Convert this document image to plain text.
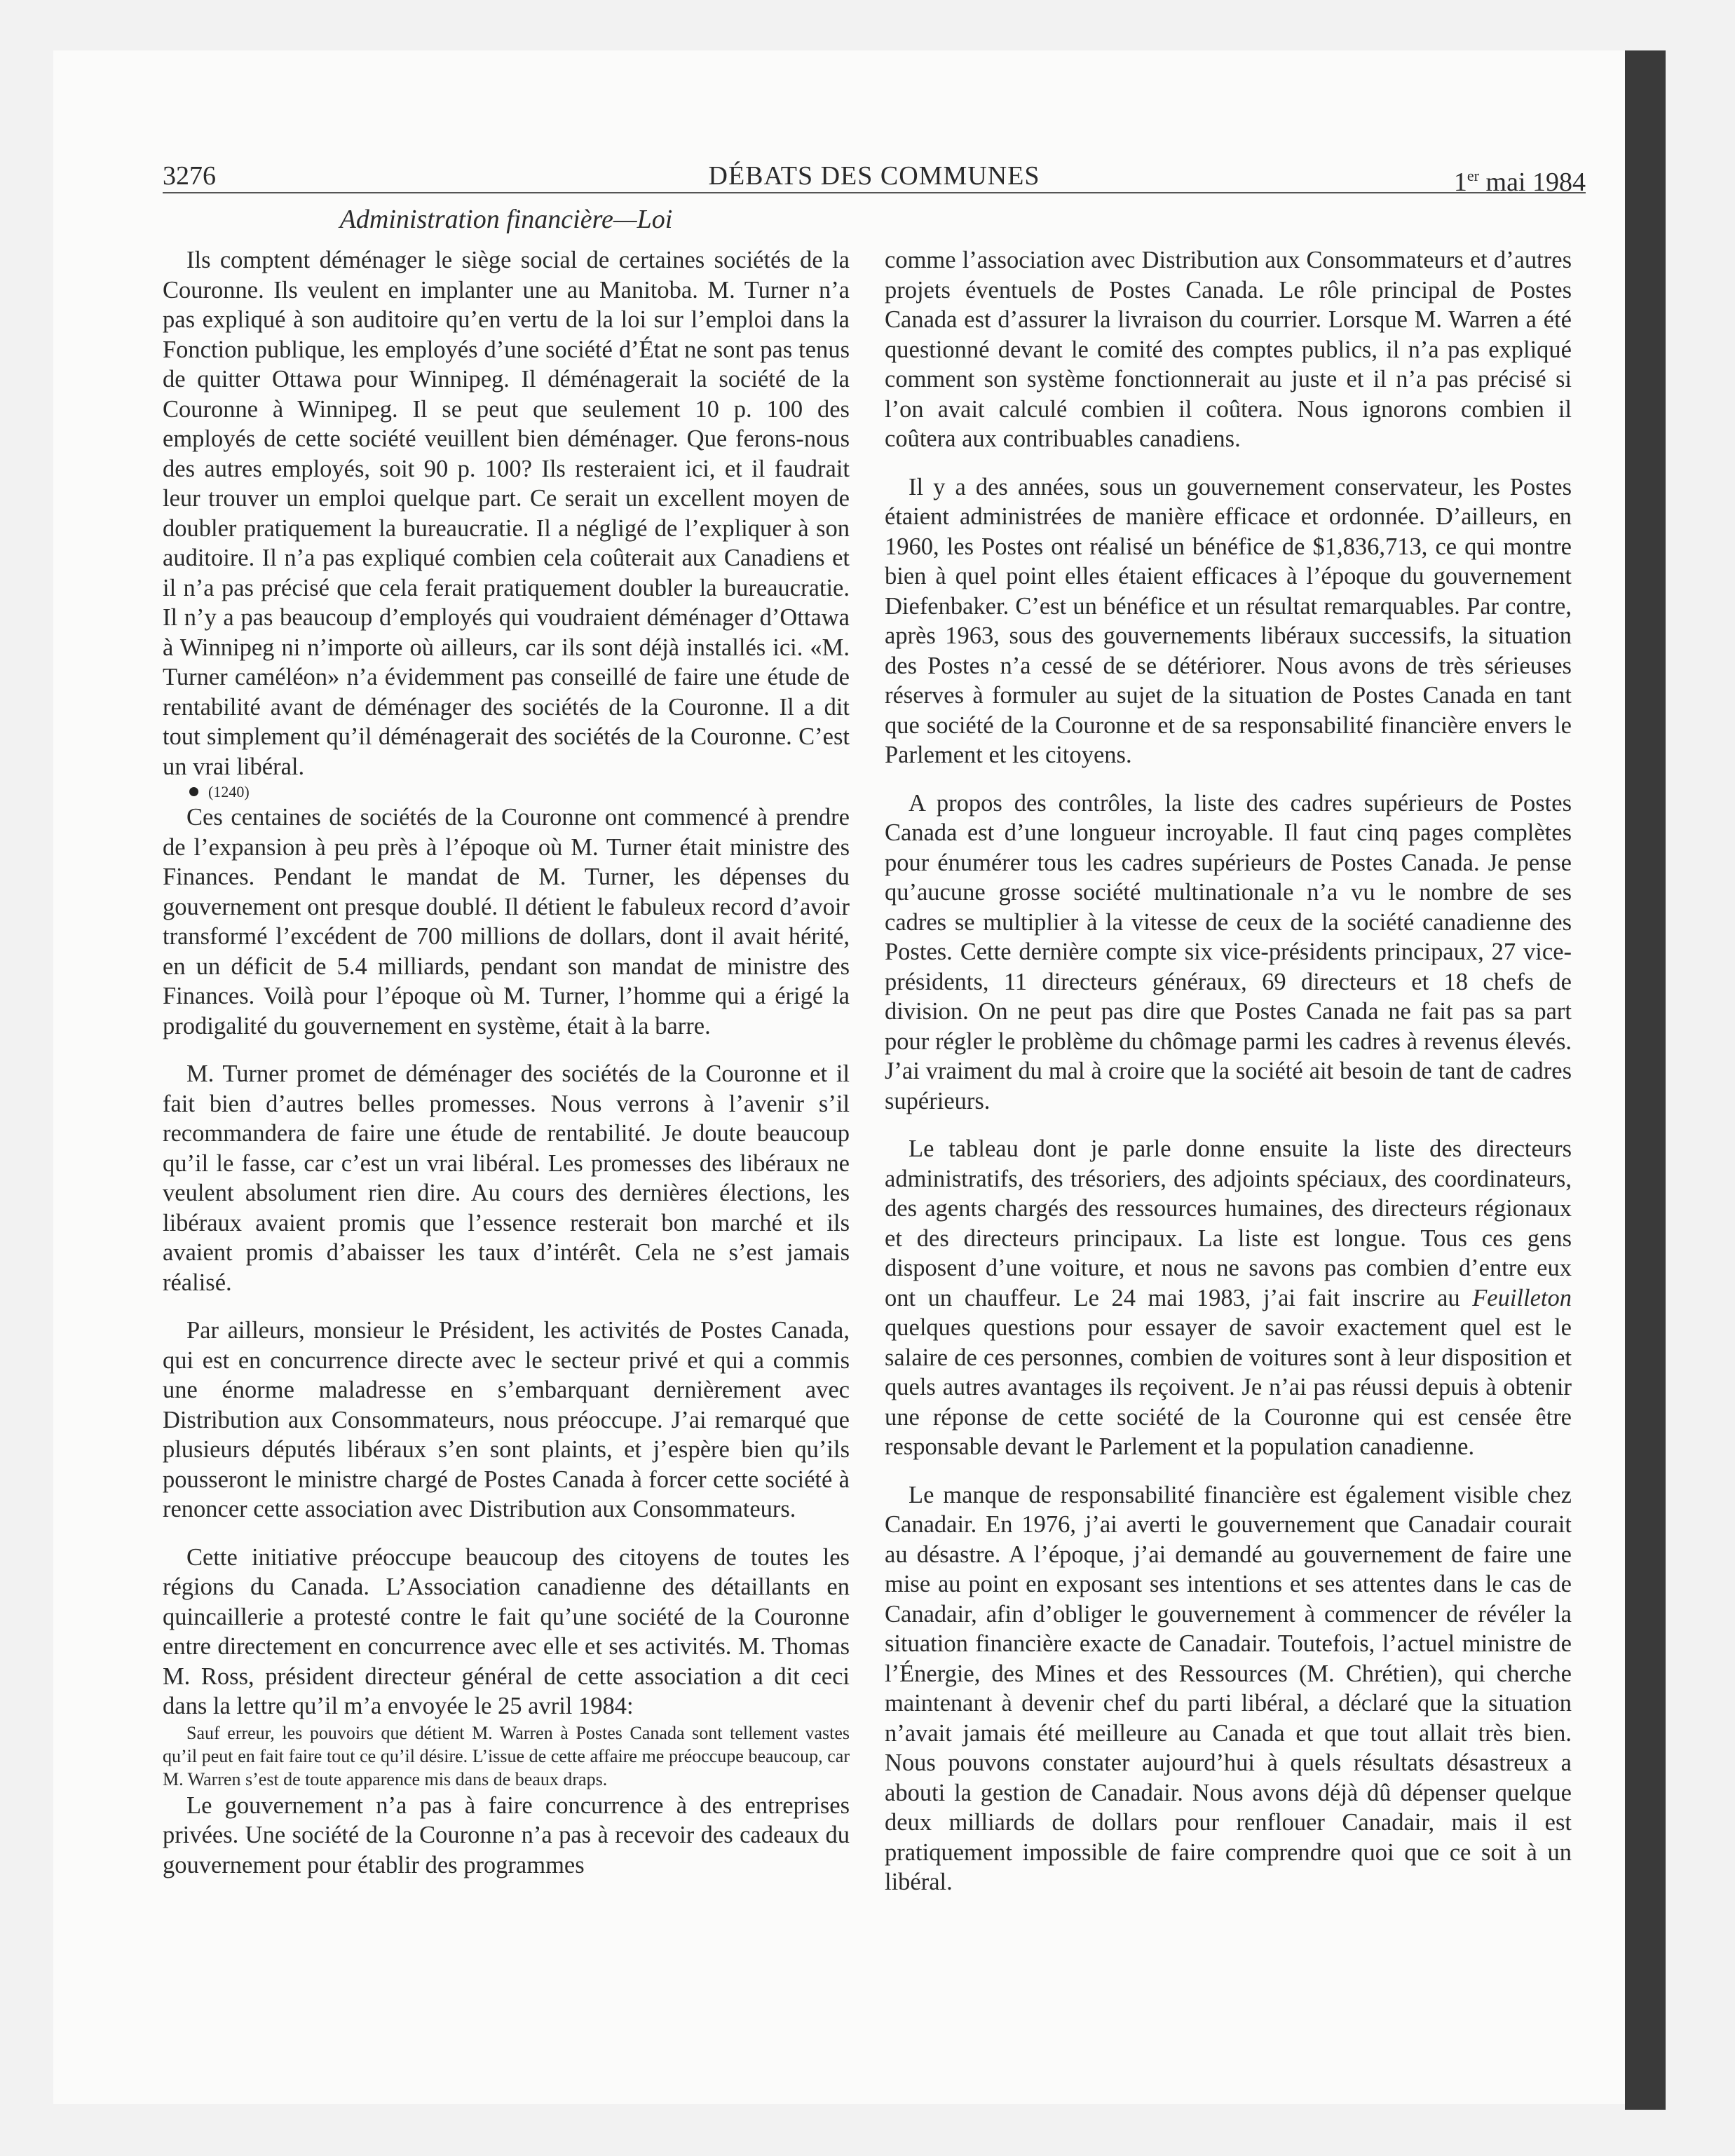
3276	DÉBATS DES COMMUNES	1er mai 1984
Administration financière—Loi

Ils comptent déménager le siège social de certaines sociétés de la Couronne. Ils veulent en implanter une au Manitoba. M. Turner n’a pas expliqué à son auditoire qu’en vertu de la loi sur l’emploi dans la Fonction publique, les employés d’une société d’État ne sont pas tenus de quitter Ottawa pour Winnipeg. Il déménagerait la société de la Couronne à Winnipeg. Il se peut que seulement 10 p. 100 des employés de cette société veuillent bien déménager. Que ferons-nous des autres employés, soit 90 p. 100? Ils resteraient ici, et il faudrait leur trouver un emploi quelque part. Ce serait un excellent moyen de doubler pratiquement la bureaucratie. Il a négligé de l’expliquer à son auditoire. Il n’a pas expliqué combien cela coûterait aux Canadiens et il n’a pas précisé que cela ferait pratiquement doubler la bureaucratie. Il n’y a pas beaucoup d’employés qui voudraient déménager d’Ottawa à Winnipeg ni n’importe où ailleurs, car ils sont déjà installés ici. «M. Turner caméléon» n’a évidemment pas conseillé de faire une étude de rentabilité avant de déménager des sociétés de la Couronne. Il a dit tout simplement qu’il déménagerait des sociétés de la Couronne. C’est un vrai libéral.

(1240)

Ces centaines de sociétés de la Couronne ont commencé à prendre de l’expansion à peu près à l’époque où M. Turner était ministre des Finances. Pendant le mandat de M. Turner, les dépenses du gouvernement ont presque doublé. Il détient le fabuleux record d’avoir transformé l’excédent de 700 millions de dollars, dont il avait hérité, en un déficit de 5.4 milliards, pendant son mandat de ministre des Finances. Voilà pour l’époque où M. Turner, l’homme qui a érigé la prodigalité du gouvernement en système, était à la barre.

M. Turner promet de déménager des sociétés de la Couronne et il fait bien d’autres belles promesses. Nous verrons à l’avenir s’il recommandera de faire une étude de rentabilité. Je doute beaucoup qu’il le fasse, car c’est un vrai libéral. Les promesses des libéraux ne veulent absolument rien dire. Au cours des dernières élections, les libéraux avaient promis que l’essence resterait bon marché et ils avaient promis d’abaisser les taux d’intérêt. Cela ne s’est jamais réalisé.

Par ailleurs, monsieur le Président, les activités de Postes Canada, qui est en concurrence directe avec le secteur privé et qui a commis une énorme maladresse en s’embarquant dernièrement avec Distribution aux Consommateurs, nous préoccupe. J’ai remarqué que plusieurs députés libéraux s’en sont plaints, et j’espère bien qu’ils pousseront le ministre chargé de Postes Canada à forcer cette société à renoncer cette association avec Distribution aux Consommateurs.

Cette initiative préoccupe beaucoup des citoyens de toutes les régions du Canada. L’Association canadienne des détaillants en quincaillerie a protesté contre le fait qu’une société de la Couronne entre directement en concurrence avec elle et ses activités. M. Thomas M. Ross, président directeur général de cette association a dit ceci dans la lettre qu’il m’a envoyée le 25 avril 1984:

Sauf erreur, les pouvoirs que détient M. Warren à Postes Canada sont tellement vastes qu’il peut en fait faire tout ce qu’il désire. L’issue de cette affaire me préoccupe beaucoup, car M. Warren s’est de toute apparence mis dans de beaux draps.

Le gouvernement n’a pas à faire concurrence à des entreprises privées. Une société de la Couronne n’a pas à recevoir des cadeaux du gouvernement pour établir des programmes

comme l’association avec Distribution aux Consommateurs et d’autres projets éventuels de Postes Canada. Le rôle principal de Postes Canada est d’assurer la livraison du courrier. Lorsque M. Warren a été questionné devant le comité des comptes publics, il n’a pas expliqué comment son système fonctionnerait au juste et il n’a pas précisé si l’on avait calculé combien il coûtera. Nous ignorons combien il coûtera aux contribuables canadiens.

Il y a des années, sous un gouvernement conservateur, les Postes étaient administrées de manière efficace et ordonnée. D’ailleurs, en 1960, les Postes ont réalisé un bénéfice de $1,836,713, ce qui montre bien à quel point elles étaient efficaces à l’époque du gouvernement Diefenbaker. C’est un bénéfice et un résultat remarquables. Par contre, après 1963, sous des gouvernements libéraux successifs, la situation des Postes n’a cessé de se détériorer. Nous avons de très sérieuses réserves à formuler au sujet de la situation de Postes Canada en tant que société de la Couronne et de sa responsabilité financière envers le Parlement et les citoyens.

A propos des contrôles, la liste des cadres supérieurs de Postes Canada est d’une longueur incroyable. Il faut cinq pages complètes pour énumérer tous les cadres supérieurs de Postes Canada. Je pense qu’aucune grosse société multinationale n’a vu le nombre de ses cadres se multiplier à la vitesse de ceux de la société canadienne des Postes. Cette dernière compte six vice-présidents principaux, 27 vice-présidents, 11 directeurs généraux, 69 directeurs et 18 chefs de division. On ne peut pas dire que Postes Canada ne fait pas sa part pour régler le problème du chômage parmi les cadres à revenus élevés. J’ai vraiment du mal à croire que la société ait besoin de tant de cadres supérieurs.

Le tableau dont je parle donne ensuite la liste des directeurs administratifs, des trésoriers, des adjoints spéciaux, des coordinateurs, des agents chargés des ressources humaines, des directeurs régionaux et des directeurs principaux. La liste est longue. Tous ces gens disposent d’une voiture, et nous ne savons pas combien d’entre eux ont un chauffeur. Le 24 mai 1983, j’ai fait inscrire au Feuilleton quelques questions pour essayer de savoir exactement quel est le salaire de ces personnes, combien de voitures sont à leur disposition et quels autres avantages ils reçoivent. Je n’ai pas réussi depuis à obtenir une réponse de cette société de la Couronne qui est censée être responsable devant le Parlement et la population canadienne.

Le manque de responsabilité financière est également visible chez Canadair. En 1976, j’ai averti le gouvernement que Canadair courait au désastre. A l’époque, j’ai demandé au gouvernement de faire une mise au point en exposant ses intentions et ses attentes dans le cas de Canadair, afin d’obliger le gouvernement à commencer de révéler la situation financière exacte de Canadair. Toutefois, l’actuel ministre de l’Énergie, des Mines et des Ressources (M. Chrétien), qui cherche maintenant à devenir chef du parti libéral, a déclaré que la situation n’avait jamais été meilleure au Canada et que tout allait très bien. Nous pouvons constater aujourd’hui à quels résultats désastreux a abouti la gestion de Canadair. Nous avons déjà dû dépenser quelque deux milliards de dollars pour renflouer Canadair, mais il est pratiquement impossible de faire comprendre quoi que ce soit à un libéral.
